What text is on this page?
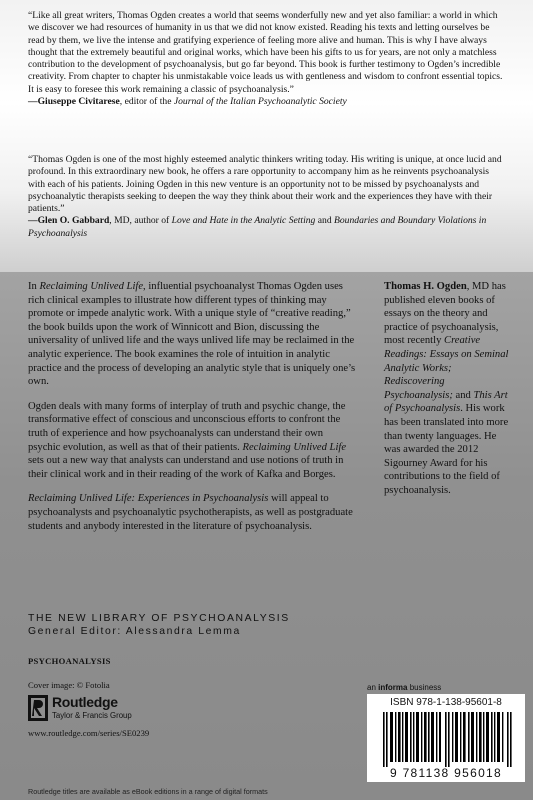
“Like all great writers, Thomas Ogden creates a world that seems wonderfully new and yet also familiar: a world in which we discover we had resources of humanity in us that we did not know existed. Reading his texts and letting ourselves be read by them, we live the intense and gratifying experience of feeling more alive and human. This is why I have always thought that the extremely beautiful and original works, which have been his gifts to us for years, are not only a matchless contribution to the development of psychoanalysis, but go far beyond. This book is further testimony to Ogden’s incredible creativity. From chapter to chapter his unmistakable voice leads us with gentleness and wisdom to confront essential topics. It is easy to foresee this work remaining a classic of psychoanalysis.”

—Giuseppe Civitarese, editor of the Journal of the Italian Psychoanalytic Society

“Thomas Ogden is one of the most highly esteemed analytic thinkers writing today. His writing is unique, at once lucid and profound. In this extraordinary new book, he offers a rare opportunity to accompany him as he reinvents psychoanalysis with each of his patients. Joining Ogden in this new venture is an opportunity not to be missed by psychoanalysts and psychoanalytic therapists seeking to deepen the way they think about their work and the experiences they have with their patients.”

—Glen O. Gabbard, MD, author of Love and Hate in the Analytic Setting and Boundaries and Boundary Violations in Psychoanalysis

In Reclaiming Unlived Life, influential psychoanalyst Thomas Ogden uses rich clinical examples to illustrate how different types of thinking may promote or impede analytic work. With a unique style of “creative reading,” the book builds upon the work of Winnicott and Bion, discussing the universality of unlived life and the ways unlived life may be reclaimed in the analytic experience. The book examines the role of intuition in analytic practice and the process of developing an analytic style that is uniquely one’s own.

Ogden deals with many forms of interplay of truth and psychic change, the transformative effect of conscious and unconscious efforts to confront the truth of experience and how psychoanalysts can understand their own psychic evolution, as well as that of their patients. Reclaiming Unlived Life sets out a new way that analysts can understand and use notions of truth in their clinical work and in their reading of the work of Kafka and Borges.

Reclaiming Unlived Life: Experiences in Psychoanalysis will appeal to psychoanalysts and psychoanalytic psychotherapists, as well as postgraduate students and anybody interested in the literature of psychoanalysis.

Thomas H. Ogden, MD has published eleven books of essays on the theory and practice of psychoanalysis, most recently Creative Readings: Essays on Seminal Analytic Works; Rediscovering Psychoanalysis; and This Art of Psychoanalysis. His work has been translated into more than twenty languages. He was awarded the 2012 Sigourney Award for his contributions to the field of psychoanalysis.

THE NEW LIBRARY OF PSYCHOANALYSIS
General Editor: Alessandra Lemma
PSYCHOANALYSIS
Cover image: © Fotolia
Routledge
Taylor & Francis Group
www.routledge.com/series/SE0239
an informa business
ISBN 978-1-138-95601-8
9 781138 956018
Routledge titles are available as eBook editions in a range of digital formats
